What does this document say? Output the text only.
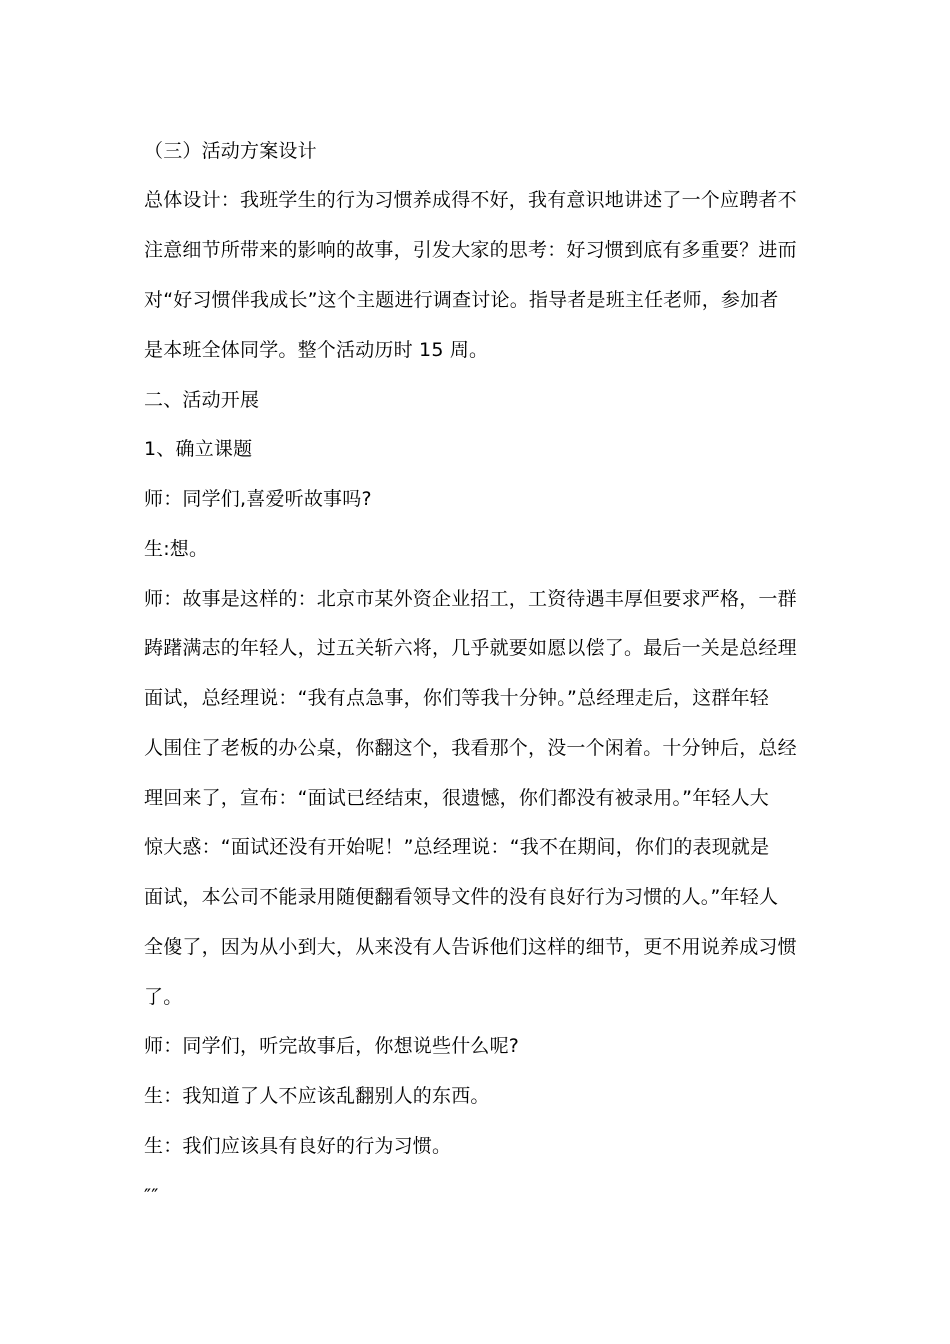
（三）活动方案设计
总体设计：我班学生的行为习惯养成得不好，我有意识地讲述了一个应聘者不
注意细节所带来的影响的故事，引发大家的思考：好习惯到底有多重要？进而
对“好习惯伴我成长”这个主题进行调查讨论。指导者是班主任老师，参加者
是本班全体同学。整个活动历时 15 周。
二、活动开展
1、确立课题
师：同学们,喜爱听故事吗?
生:想。
师：故事是这样的：北京市某外资企业招工，工资待遇丰厚但要求严格，一群
踌躇满志的年轻人，过五关斩六将，几乎就要如愿以偿了。最后一关是总经理
面试，总经理说：“我有点急事，你们等我十分钟。”总经理走后，这群年轻
人围住了老板的办公桌，你翻这个，我看那个，没一个闲着。十分钟后，总经
理回来了，宣布：“面试已经结束，很遗憾，你们都没有被录用。”年轻人大
惊大惑：“面试还没有开始呢！”总经理说：“我不在期间，你们的表现就是
面试，本公司不能录用随便翻看领导文件的没有良好行为习惯的人。”年轻人
全傻了，因为从小到大，从来没有人告诉他们这样的细节，更不用说养成习惯
了。
师：同学们，听完故事后，你想说些什么呢?
生：我知道了人不应该乱翻别人的东西。
生：我们应该具有良好的行为习惯。
″″
